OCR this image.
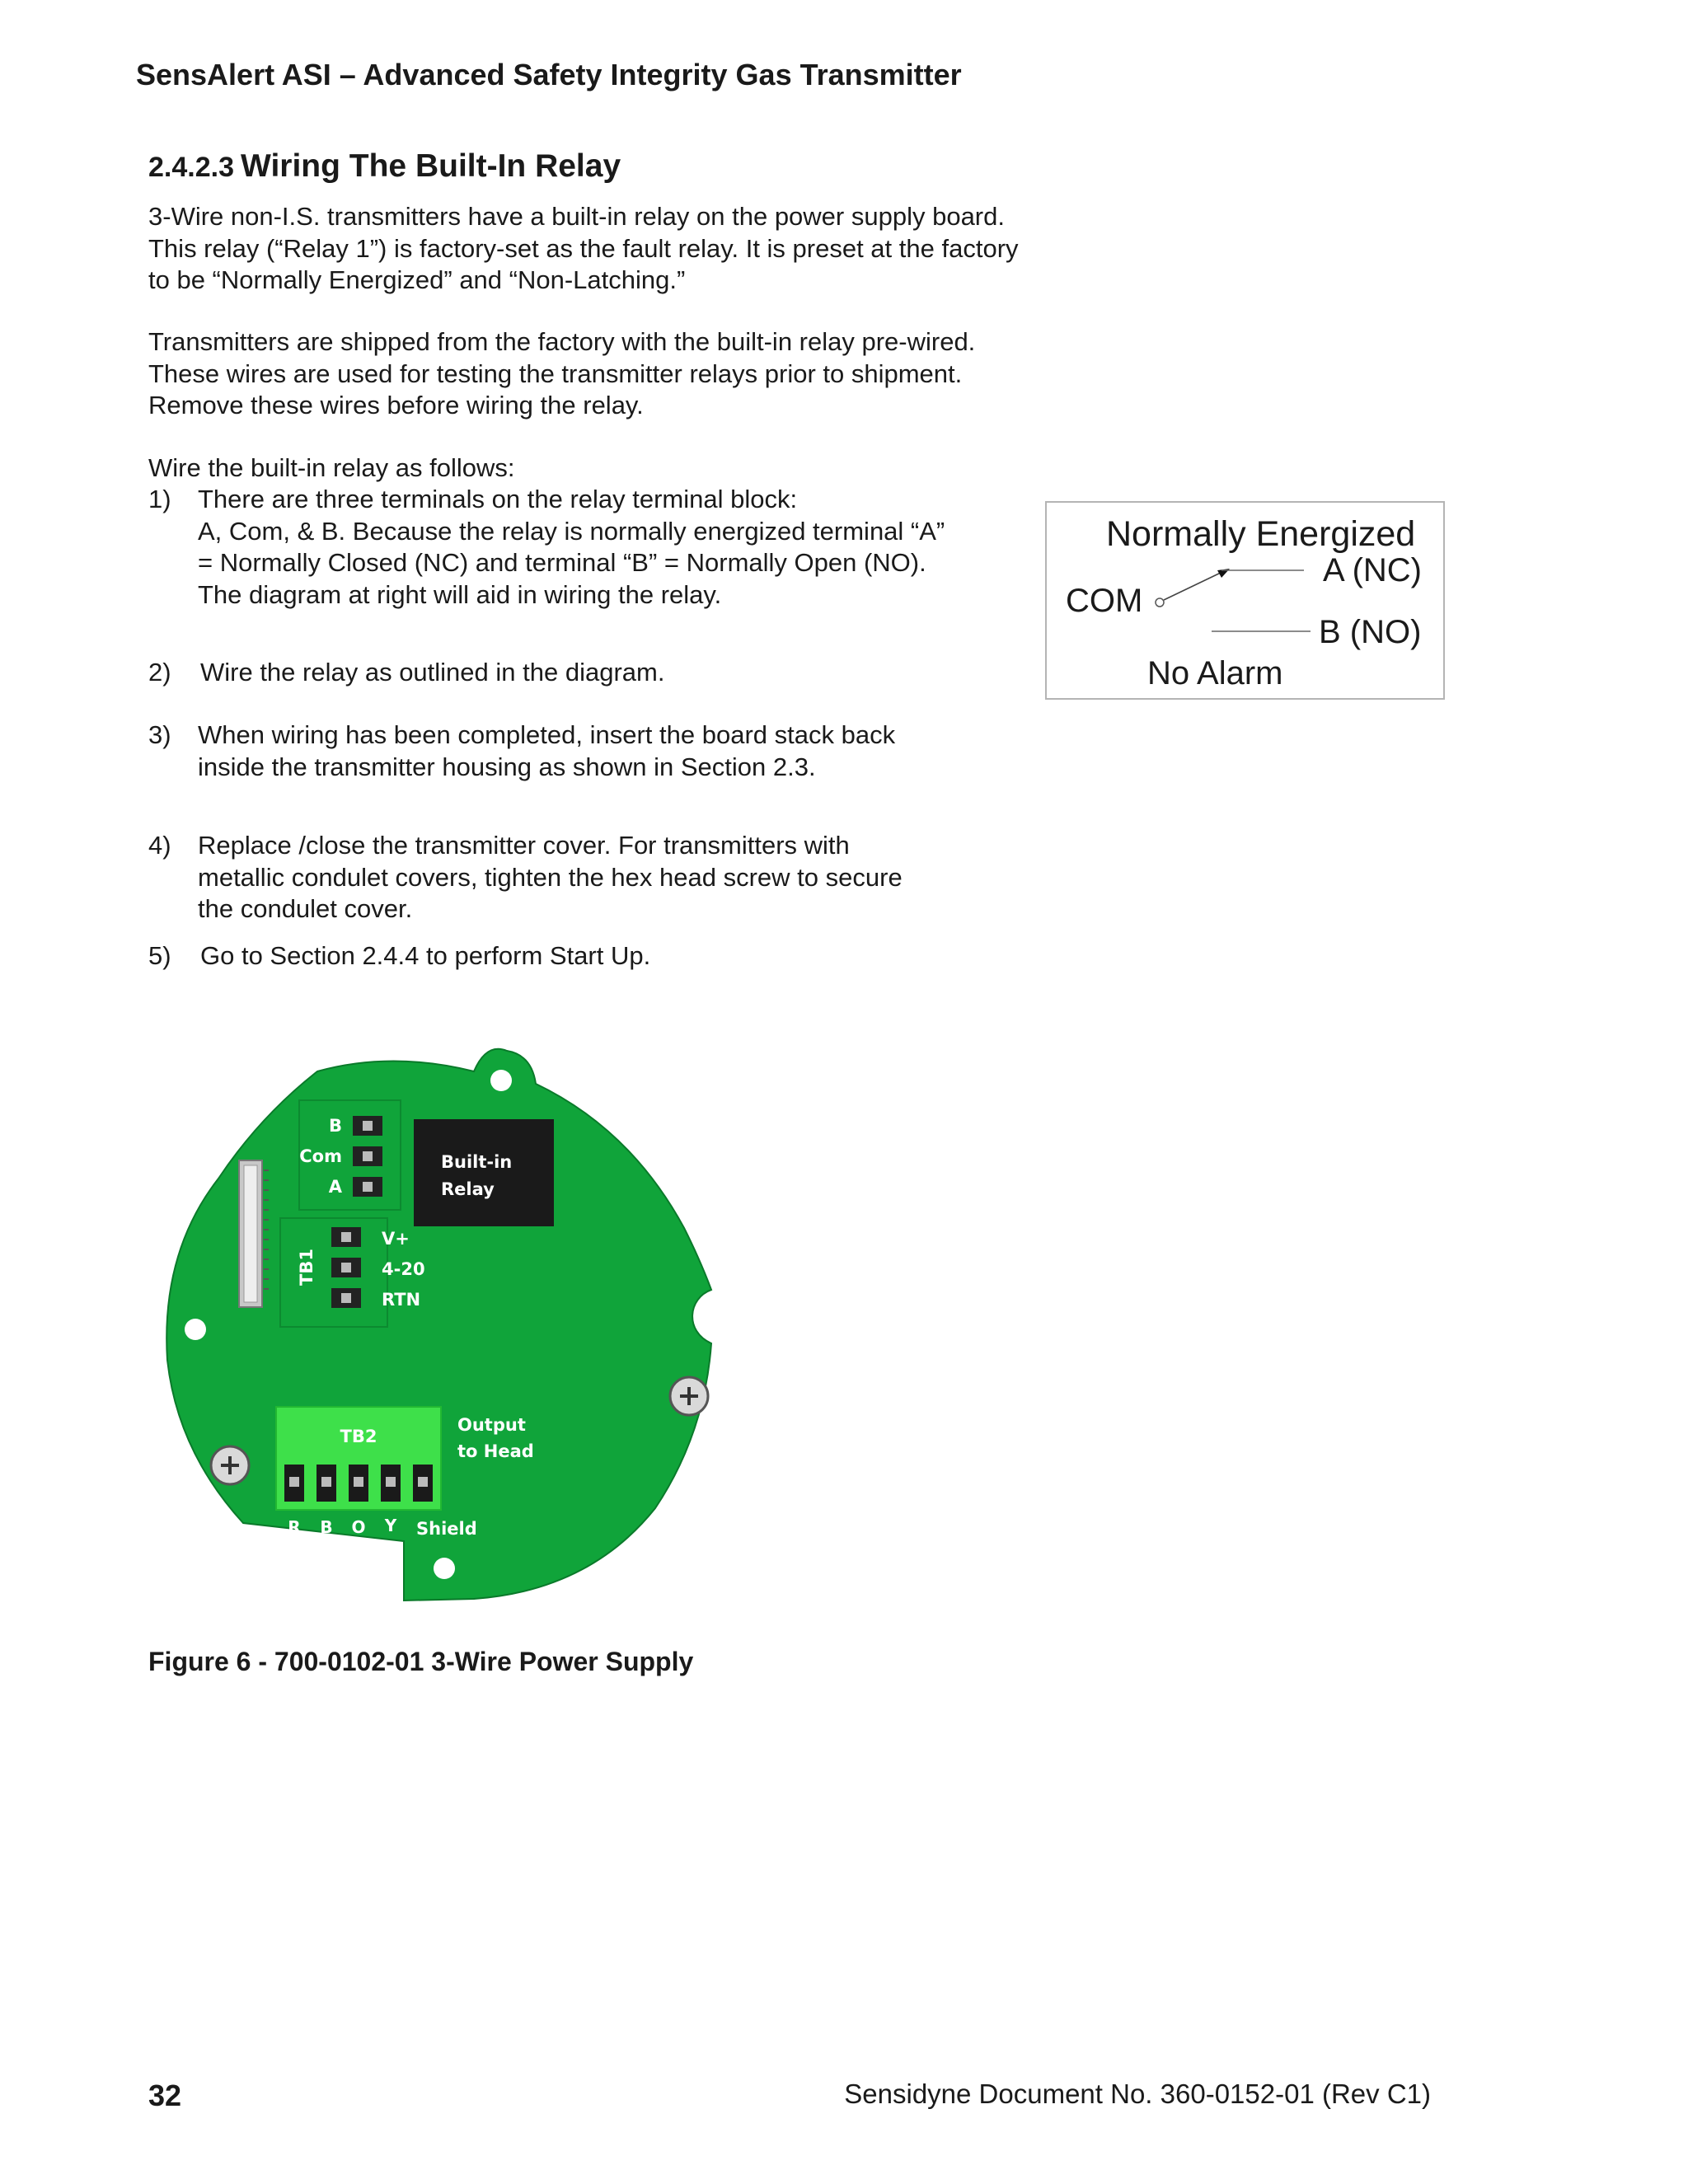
SensAlert ASI – Advanced Safety Integrity Gas Transmitter
2.4.2.3 Wiring The Built-In Relay
3-Wire non-I.S. transmitters have a built-in relay on the power supply board.
This relay (“Relay 1”) is factory-set as the fault relay. It is preset at the factory
to be “Normally Energized” and “Non-Latching.”
Transmitters are shipped from the factory with the built-in relay pre-wired.
These wires are used for testing the transmitter relays prior to shipment.
Remove these wires before wiring the relay.
Wire the built-in relay as follows:
1) There are three terminals on the relay terminal block:
A, Com, & B. Because the relay is normally energized terminal “A”
= Normally Closed (NC) and terminal “B” = Normally Open (NO).
The diagram at right will aid in wiring the relay.
2) Wire the relay as outlined in the diagram.
3) When wiring has been completed, insert the board stack back
inside the transmitter housing as shown in Section 2.3.
4) Replace /close the transmitter cover. For transmitters with
metallic condulet covers, tighten the hex head screw to secure
the condulet cover.
5) Go to Section 2.4.4 to perform Start Up.
Normally Energized
A (NC)
COM
B (NO)
No Alarm
B
Com
A
Built-in
Relay
TB1
V+
4-20
RTN
TB2
Output
to Head
R B O Y Shield
Figure 6 - 700-0102-01 3-Wire Power Supply
32	Sensidyne Document No. 360-0152-01 (Rev C1)
